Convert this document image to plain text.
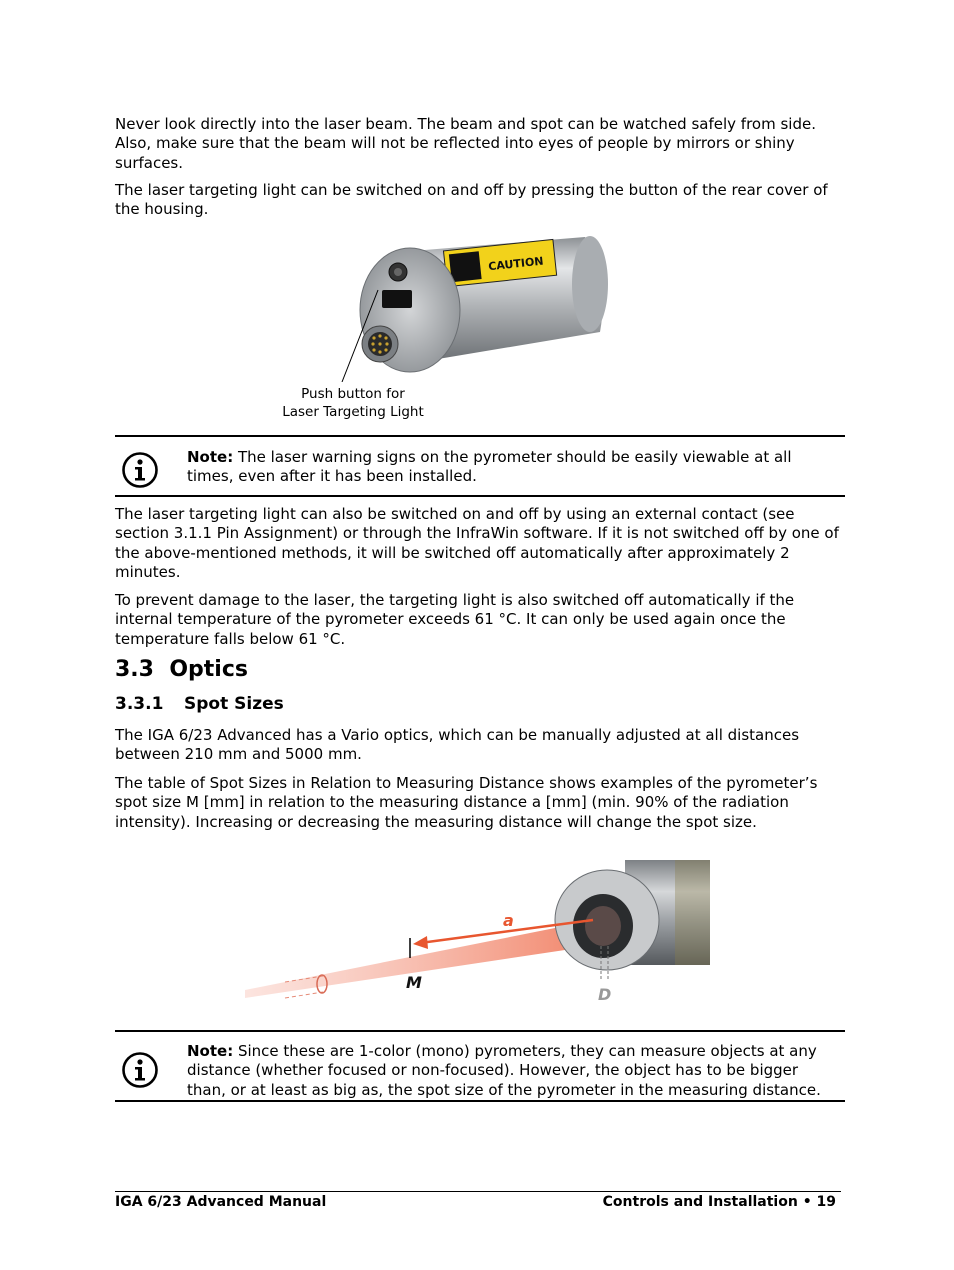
Never look directly into the laser beam. The beam and spot can be watched safely from side. Also, make sure that the beam will not be reflected into eyes of people by mirrors or shiny surfaces.

The laser targeting light can be switched on and off by pressing the button of the rear cover of the housing.

CAUTION
Push button for
Laser Targeting Light
Note: The laser warning signs on the pyrometer should be easily viewable at all times, even after it has been installed.

The laser targeting light can also be switched on and off by using an external contact (see section 3.1.1 Pin Assignment) or through the InfraWin software. If it is not switched off by one of the above-mentioned methods, it will be switched off automatically after approximately 2 minutes.

To prevent damage to the laser, the targeting light is also switched off automatically if the internal temperature of the pyrometer exceeds 61 °C. It can only be used again once the temperature falls below 61 °C.

3.3 Optics
3.3.1 Spot Sizes

The IGA 6/23 Advanced has a Vario optics, which can be manually adjusted at all distances between 210 mm and 5000 mm.

The table of Spot Sizes in Relation to Measuring Distance shows examples of the pyrometer’s spot size M [mm] in relation to the measuring distance a [mm] (min. 90% of the radiation intensity). Increasing or decreasing the measuring distance will change the spot size.

a
M
D
Note: Since these are 1-color (mono) pyrometers, they can measure objects at any distance (whether focused or non-focused). However, the object has to be bigger than, or at least as big as, the spot size of the pyrometer in the measuring distance.
IGA 6/23 Advanced Manual	Controls and Installation • 19
